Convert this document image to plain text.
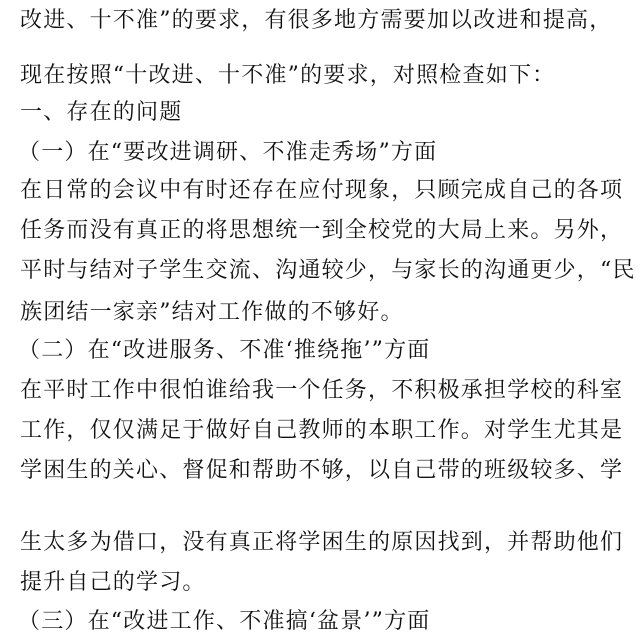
改进、十不准”的要求，有很多地方需要加以改进和提高，
现在按照“十改进、十不准”的要求，对照检查如下：
一、存在的问题
（一）在“要改进调研、不准走秀场”方面
在日常的会议中有时还存在应付现象，只顾完成自己的各项
任务而没有真正的将思想统一到全校党的大局上来。另外，
平时与结对子学生交流、沟通较少，与家长的沟通更少，“民
族团结一家亲”结对工作做的不够好。
（二）在“改进服务、不准‘推绕拖’”方面
在平时工作中很怕谁给我一个任务，不积极承担学校的科室
工作，仅仅满足于做好自己教师的本职工作。对学生尤其是
学困生的关心、督促和帮助不够，以自己带的班级较多、学
生太多为借口，没有真正将学困生的原因找到，并帮助他们
提升自己的学习。
（三）在“改进工作、不准搞‘盆景’”方面
